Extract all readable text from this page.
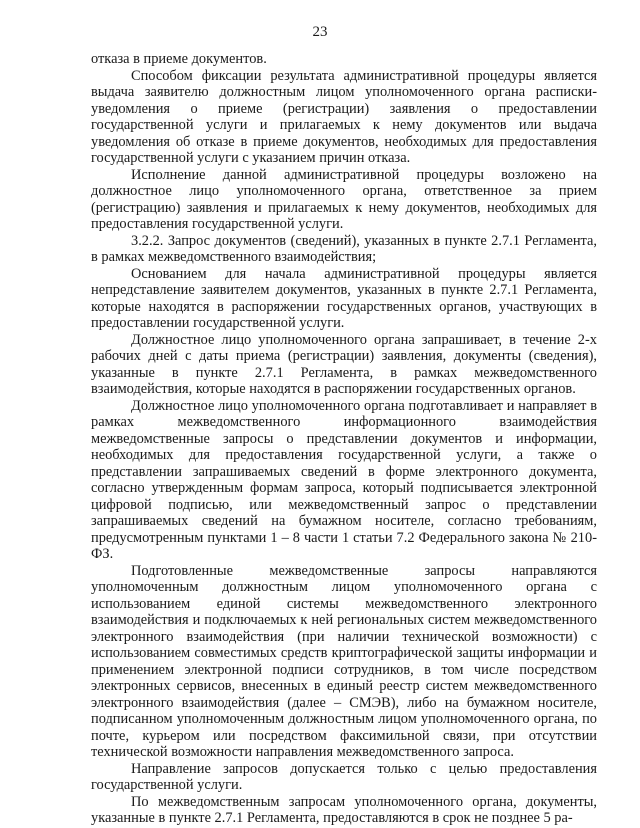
23

отказа в приеме документов.

Способом фиксации результата административной процедуры является выдача заявителю должностным лицом уполномоченного органа расписки-уведомления о приеме (регистрации) заявления о предоставлении государственной услуги и прилагаемых к нему документов или выдача уведомления об отказе в приеме документов, необходимых для предоставления государственной услуги с указанием причин отказа.

Исполнение данной административной процедуры возложено на должностное лицо уполномоченного органа, ответственное за прием (регистрацию) заявления и прилагаемых к нему документов, необходимых для предоставления государственной услуги.

3.2.2. Запрос документов (сведений), указанных в пункте 2.7.1 Регламента, в рамках межведомственного взаимодействия;

Основанием для начала административной процедуры является непредставление заявителем документов, указанных в пункте 2.7.1 Регламента, которые находятся в распоряжении государственных органов, участвующих в предоставлении государственной услуги.

Должностное лицо уполномоченного органа запрашивает, в течение 2-х рабочих дней с даты приема (регистрации) заявления, документы (сведения), указанные в пункте 2.7.1 Регламента, в рамках межведомственного взаимодействия, которые находятся в распоряжении государственных органов.

Должностное лицо уполномоченного органа подготавливает и направляет в рамках межведомственного информационного взаимодействия межведомственные запросы о представлении документов и информации, необходимых для предоставления государственной услуги, а также о представлении запрашиваемых сведений в форме электронного документа, согласно утвержденным формам запроса, который подписывается электронной цифровой подписью, или межведомственный запрос о представлении запрашиваемых сведений на бумажном носителе, согласно требованиям, предусмотренным пунктами 1 – 8 части 1 статьи 7.2 Федерального закона № 210-ФЗ.

Подготовленные межведомственные запросы направляются уполномоченным должностным лицом уполномоченного органа с использованием единой системы межведомственного электронного взаимодействия и подключаемых к ней региональных систем межведомственного электронного взаимодействия (при наличии технической возможности) с использованием совместимых средств криптографической защиты информации и применением электронной подписи сотрудников, в том числе посредством электронных сервисов, внесенных в единый реестр систем межведомственного электронного взаимодействия (далее – СМЭВ), либо на бумажном носителе, подписанном уполномоченным должностным лицом уполномоченного органа, по почте, курьером или посредством факсимильной связи, при отсутствии технической возможности направления межведомственного запроса.

Направление запросов допускается только с целью предоставления государственной услуги.

По межведомственным запросам уполномоченного органа, документы, указанные в пункте 2.7.1 Регламента, предоставляются в срок не позднее 5 ра-
